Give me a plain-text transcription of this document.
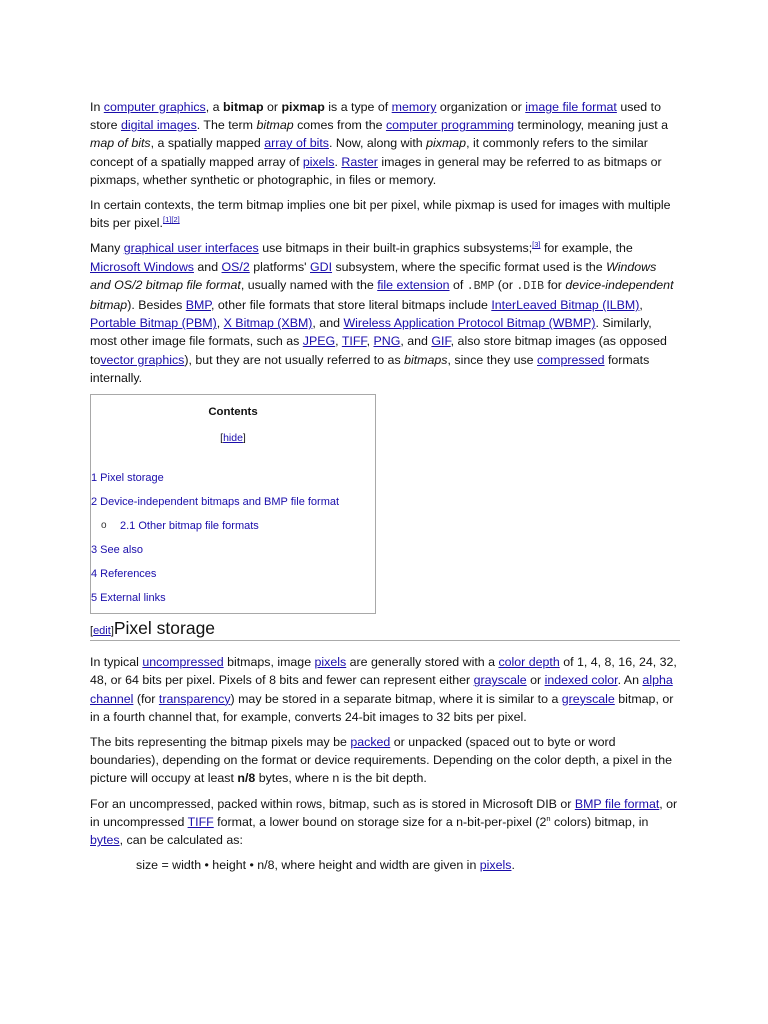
In computer graphics, a bitmap or pixmap is a type of memory organization or image file format used to store digital images. The term bitmap comes from the computer programming terminology, meaning just a map of bits, a spatially mapped array of bits. Now, along with pixmap, it commonly refers to the similar concept of a spatially mapped array of pixels. Raster images in general may be referred to as bitmaps or pixmaps, whether synthetic or photographic, in files or memory.

In certain contexts, the term bitmap implies one bit per pixel, while pixmap is used for images with multiple bits per pixel.[1][2]

Many graphical user interfaces use bitmaps in their built-in graphics subsystems;[3] for example, the Microsoft Windows and OS/2 platforms' GDI subsystem, where the specific format used is the Windows and OS/2 bitmap file format, usually named with the file extension of .BMP (or .DIB for device-independent bitmap). Besides BMP, other file formats that store literal bitmaps include InterLeaved Bitmap (ILBM), Portable Bitmap (PBM), X Bitmap (XBM), and Wireless Application Protocol Bitmap (WBMP). Similarly, most other image file formats, such as JPEG, TIFF, PNG, and GIF, also store bitmap images (as opposed tovector graphics), but they are not usually referred to as bitmaps, since they use compressed formats internally.

Contents
[hide]
1 Pixel storage
2 Device-independent bitmaps and BMP file format
o	2.1 Other bitmap file formats
3 See also
4 References
5 External links
[edit] Pixel storage

In typical uncompressed bitmaps, image pixels are generally stored with a color depth of 1, 4, 8, 16, 24, 32, 48, or 64 bits per pixel. Pixels of 8 bits and fewer can represent either grayscale or indexed color. An alpha channel (for transparency) may be stored in a separate bitmap, where it is similar to a greyscale bitmap, or in a fourth channel that, for example, converts 24-bit images to 32 bits per pixel.

The bits representing the bitmap pixels may be packed or unpacked (spaced out to byte or word boundaries), depending on the format or device requirements. Depending on the color depth, a pixel in the picture will occupy at least n/8 bytes, where n is the bit depth.

For an uncompressed, packed within rows, bitmap, such as is stored in Microsoft DIB or BMP file format, or in uncompressed TIFF format, a lower bound on storage size for a n-bit-per-pixel (2$^n$ colors) bitmap, in bytes, can be calculated as:

size = width • height • n/8, where height and width are given in pixels.
